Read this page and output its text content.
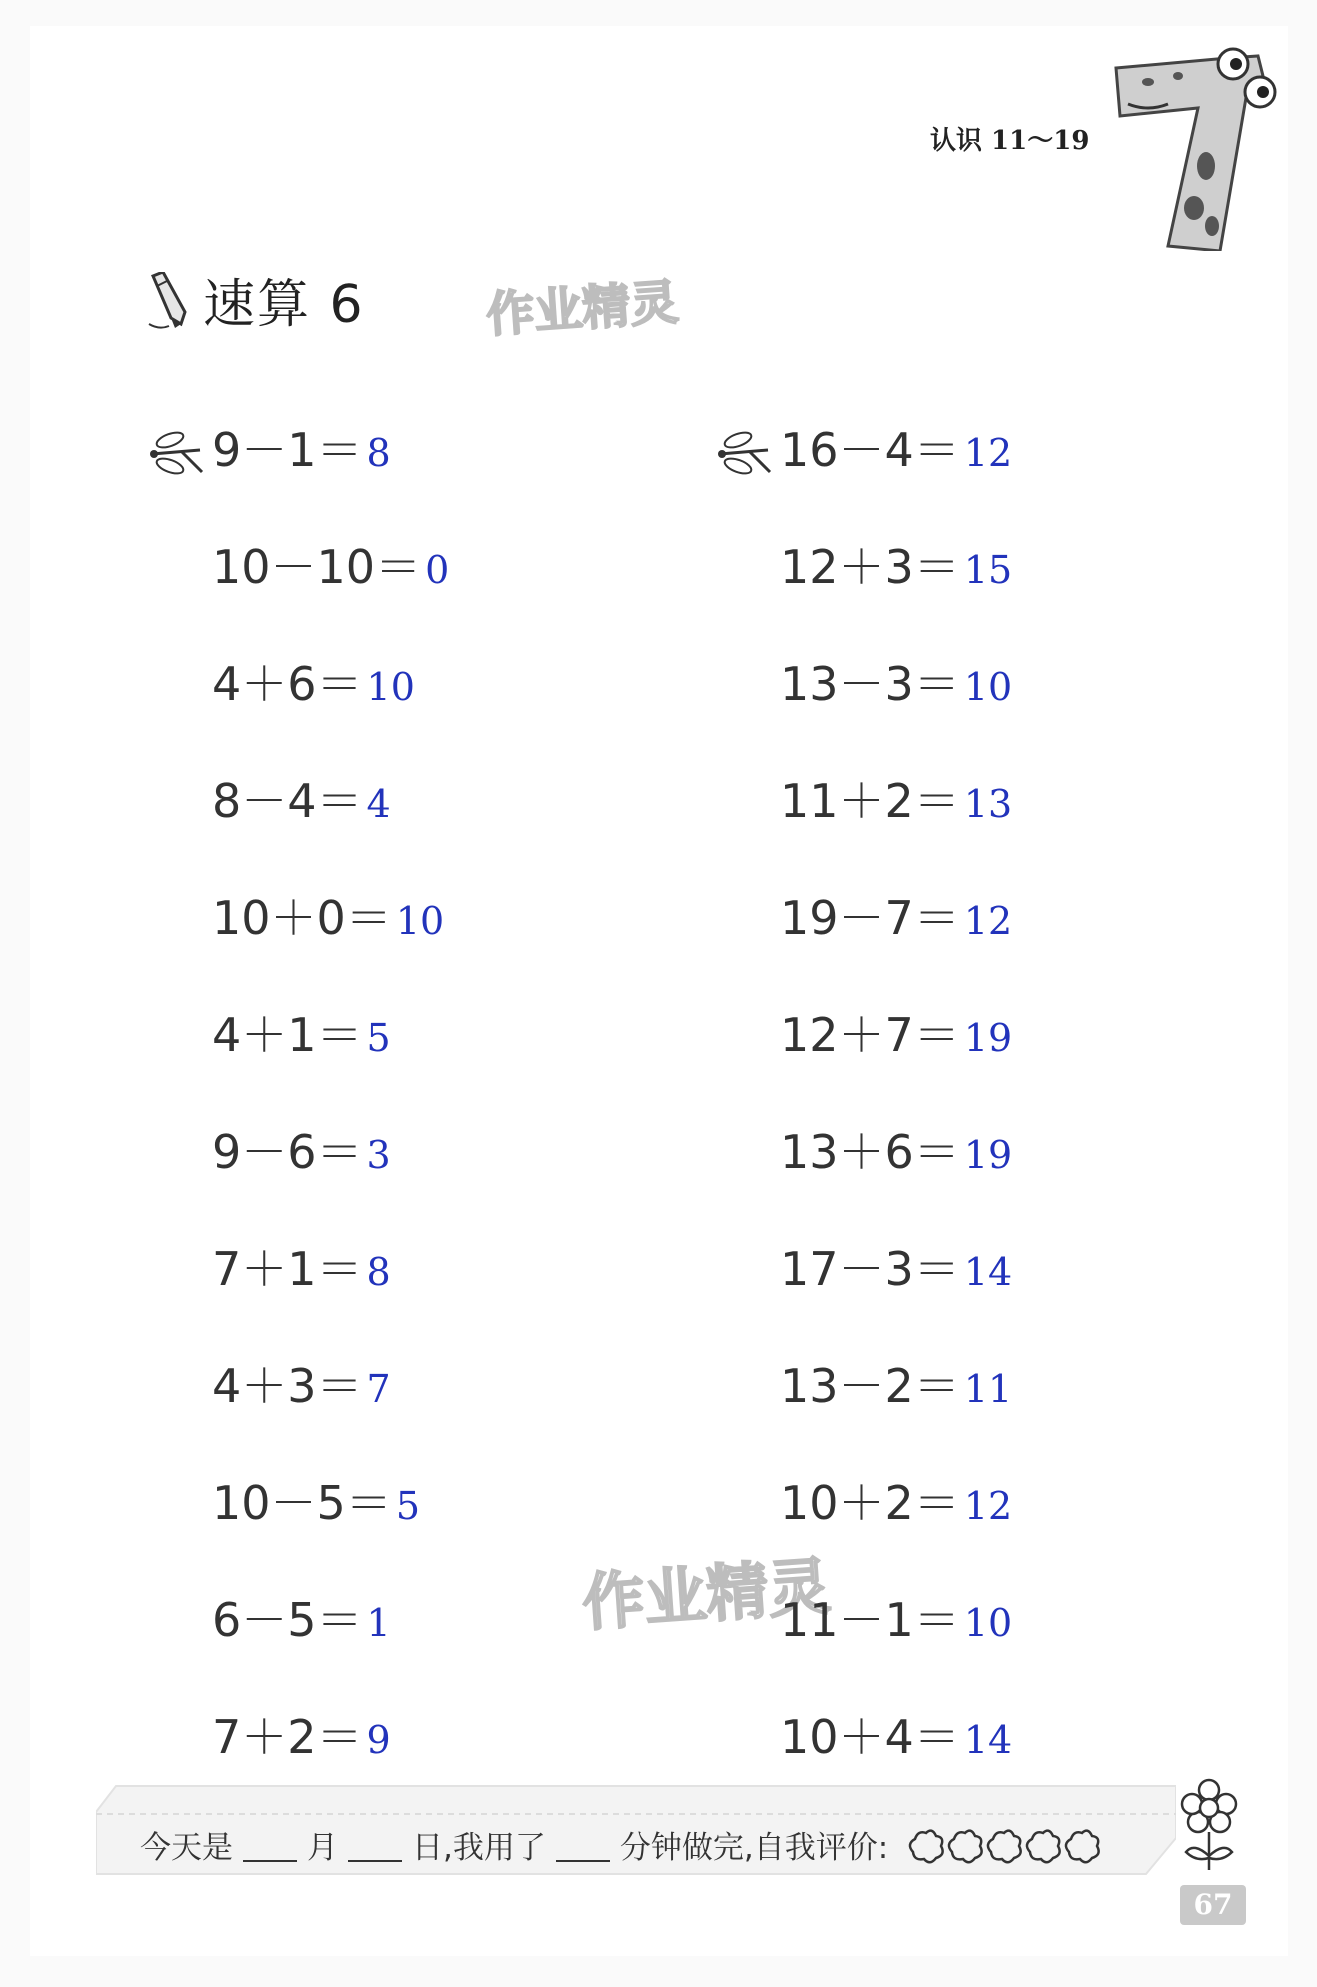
认识 11～19
速算 6 作业精灵
作业精灵
9－1＝ 8
10－10＝ 0
4＋6＝ 10
8－4＝ 4
10＋0＝ 10
4＋1＝ 5
9－6＝ 3
7＋1＝ 8
4＋3＝ 7
10－5＝ 5
6－5＝ 1
7＋2＝ 9
16－4＝ 12
12＋3＝ 15
13－3＝ 10
11＋2＝ 13
19－7＝ 12
12＋7＝ 19
13＋6＝ 19
17－3＝ 14
13－2＝ 11
10＋2＝ 12
11－1＝ 10
10＋4＝ 14
今天是 月 日,我用了 分钟做完,自我评价:
67
